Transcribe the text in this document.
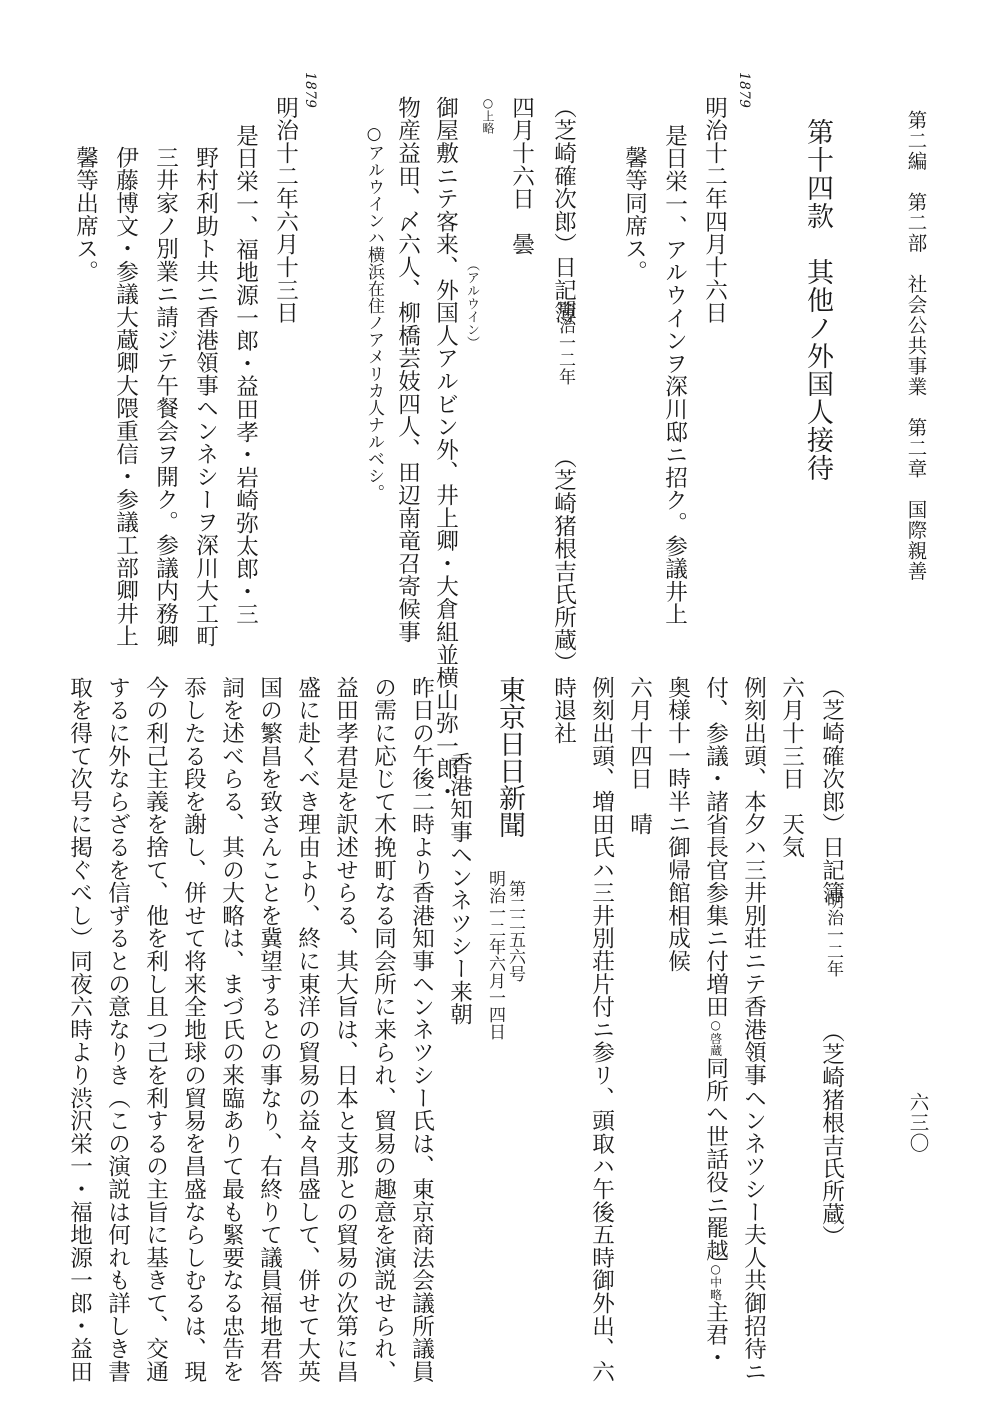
第二編　第二部　社会公共事業　第二章　国際親善
六三〇
第十四款　其他ノ外国人接待
1879
明治十二年四月十六日
是日栄一、アルウインヲ深川邸ニ招ク。参議井上
馨等同席ス。
（芝崎確次郎）日記簿
明治一二年
（芝崎猪根吉氏所蔵）
○上略 四月十六日　曇
（アルウイン）
御屋敷ニテ客来、外国人アルビン外、井上卿・大倉組並横山弥一郎・
物産益田、〆六人、柳橋芸妓四人、田辺南竜召寄候事
○アルウインハ横浜在住ノアメリカ人ナルベシ。
1879
明治十二年六月十三日
是日栄一、福地源一郎・益田孝・岩崎弥太郎・三
野村利助ト共ニ香港領事ヘンネシーヲ深川大工町
三井家ノ別業ニ請ジテ午餐会ヲ開ク。参議内務卿
伊藤博文・参議大蔵卿大隈重信・参議工部卿井上
馨等出席ス。
（芝崎確次郎）日記簿
明治一二年
（芝崎猪根吉氏所蔵）
六月十三日　天気
例刻出頭、本夕ハ三井別荘ニテ香港領事ヘンネツシー夫人共御招待ニ
付、参議・諸省長官参集ニ付増田○啓蔵同所へ世話役ニ罷越○中略主君・
奥様十一時半ニ御帰館相成候
六月十四日　晴
例刻出頭、増田氏ハ三井別荘片付ニ参リ、頭取ハ午後五時御外出、六
時退社
東京日日新聞
第二二五六号
明治一二年六月一四日
香港知事ヘンネツシー来朝
昨日の午後二時より香港知事ヘンネツシー氏は、東京商法会議所議員
の需に応じて木挽町なる同会所に来られ、貿易の趣意を演説せられ、
益田孝君是を訳述せらる、其大旨は、日本と支那との貿易の次第に昌
盛に赴くべき理由より、終に東洋の貿易の益々昌盛して、併せて大英
国の繁昌を致さんことを冀望するとの事なり、右終りて議員福地君答
詞を述べらる、其の大略は、まづ氏の来臨ありて最も緊要なる忠告を
忝したる段を謝し、併せて将来全地球の貿易を昌盛ならしむるは、現
今の利己主義を捨て、他を利し且つ己を利するの主旨に基きて、交通
するに外ならざるを信ずるとの意なりき（この演説は何れも詳しき書
取を得て次号に掲ぐべし）同夜六時より渋沢栄一・福地源一郎・益田
